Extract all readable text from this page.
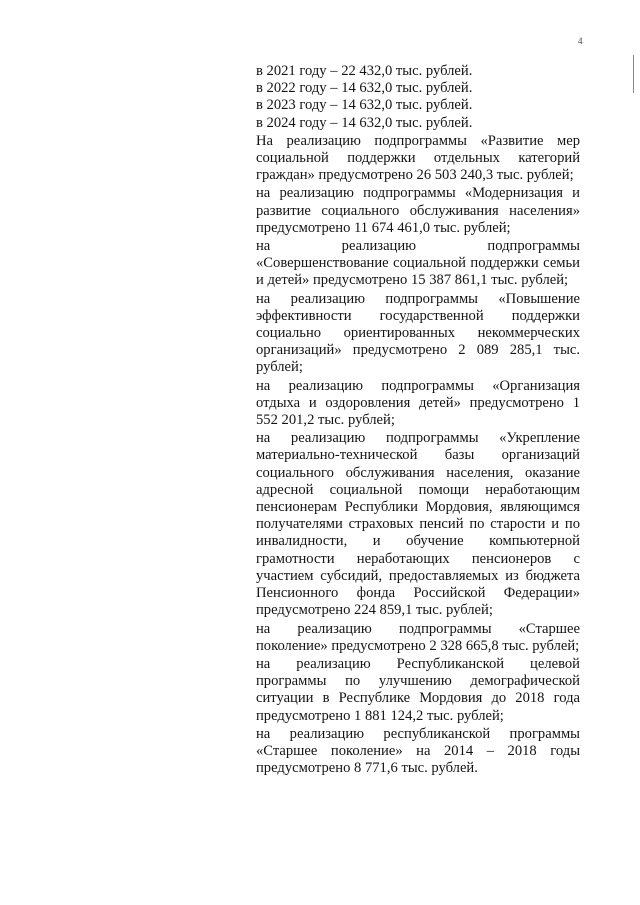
4

в 2021 году – 22 432,0 тыс. рублей.

в 2022 году – 14 632,0 тыс. рублей.

в 2023 году – 14 632,0 тыс. рублей.

в 2024 году – 14 632,0 тыс. рублей.

На реализацию подпрограммы «Развитие мер социальной поддержки отдельных категорий граждан» предусмотрено 26 503 240,3 тыс. рублей;

на реализацию подпрограммы «Модернизация и развитие социального обслуживания населения» предусмотрено 11 674 461,0 тыс. рублей;

на реализацию подпрограммы «Совершенствование социальной поддержки семьи и детей» предусмотрено 15 387 861,1 тыс. рублей;

на реализацию подпрограммы «Повышение эффективности государственной поддержки социально ориентированных некоммерческих организаций» предусмотрено 2 089 285,1 тыс. рублей;

на реализацию подпрограммы «Организация отдыха и оздоровления детей» предусмотрено 1 552 201,2 тыс. рублей;

на реализацию подпрограммы «Укрепление материально-технической базы организаций социального обслуживания населения, оказание адресной социальной помощи неработающим пенсионерам Республики Мордовия, являющимся получателями страховых пенсий по старости и по инвалидности, и обучение компьютерной грамотности неработающих пенсионеров с участием субсидий, предоставляемых из бюджета Пенсионного фонда Российской Федерации» предусмотрено 224 859,1 тыс. рублей;

на реализацию подпрограммы «Старшее поколение» предусмотрено 2 328 665,8 тыс. рублей;

на реализацию Республиканской целевой программы по улучшению демографической ситуации в Республике Мордовия до 2018 года предусмотрено 1 881 124,2 тыс. рублей;

на реализацию республиканской программы «Старшее поколение» на 2014 – 2018 годы предусмотрено 8 771,6 тыс. рублей.
